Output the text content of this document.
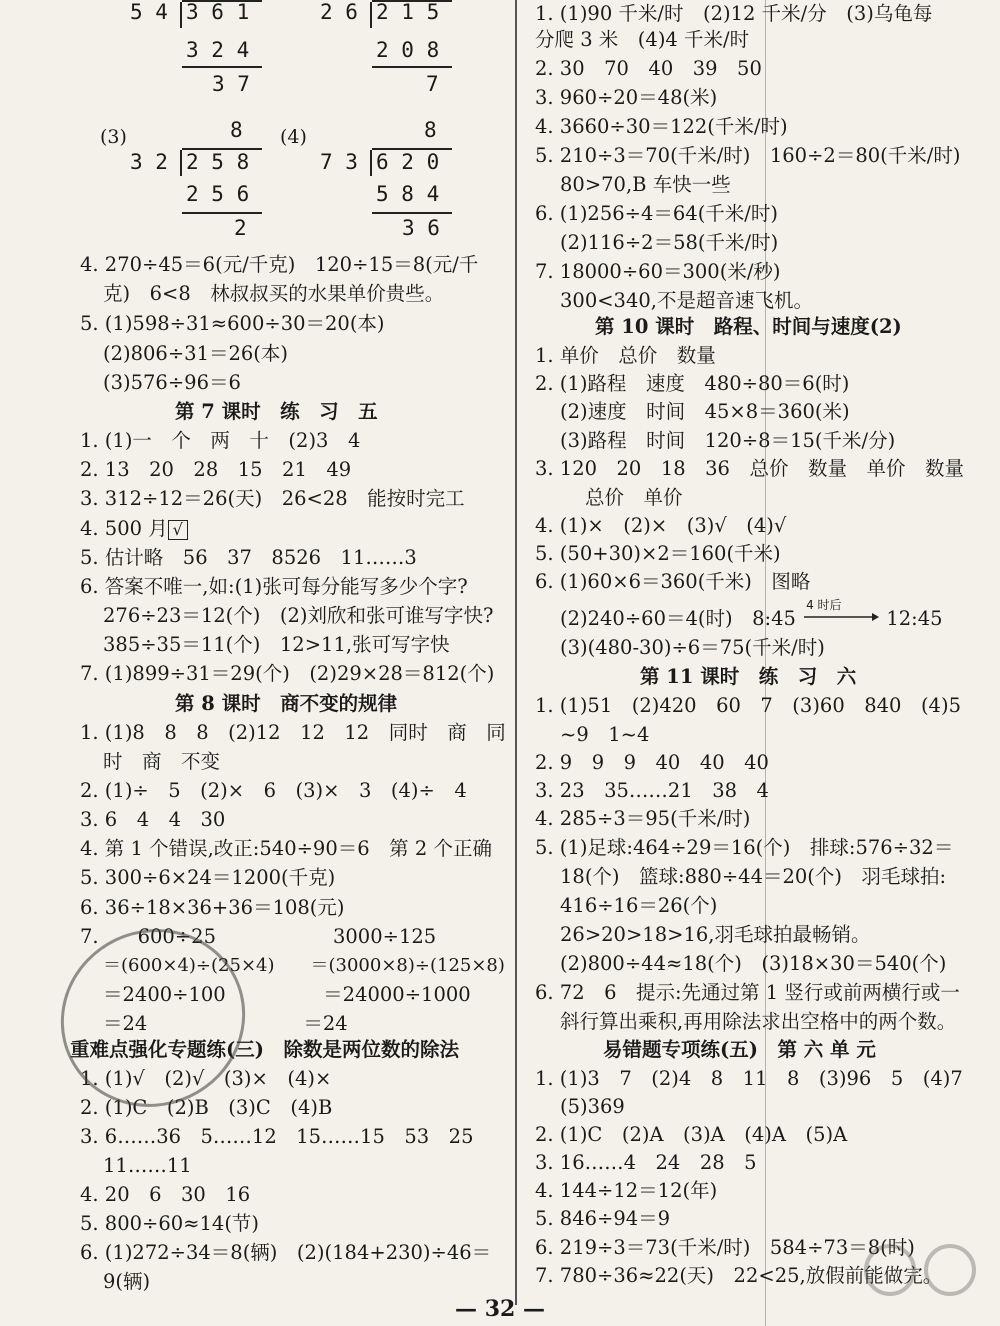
5 4 3 6 1
3 2 4
3 7
2 6 2 1 5
2 0 8
7
(3)	8
3 2 2 5 8
2 5 6
2
(4)	8
7 3 6 2 0
5 8 4
3 6
4. 270÷45＝6(元/千克)　120÷15＝8(元/千
克)　6<8　林叔叔买的水果单价贵些。
5. (1)598÷31≈600÷30＝20(本)
(2)806÷31＝26(本)
(3)576÷96＝6
第 7 课时　练　习　五
1. (1)一　个　两　十　(2)3　4
2. 13　20　28　15　21　49
3. 312÷12＝26(天)　26<28　能按时完工
4. 500 月 √
5. 估计略　56　37　8526　11……3
6. 答案不唯一,如:(1)张可每分能写多少个字?
276÷23＝12(个)　(2)刘欣和张可谁写字快?
385÷35＝11(个)　12>11,张可写字快
7. (1)899÷31＝29(个)　(2)29×28＝812(个)
第 8 课时　商不变的规律
1. (1)8　8　8　(2)12　12　12　同时　商　同
时　商　不变
2. (1)÷　5　(2)×　6　(3)×　3　(4)÷　4
3. 6　4　4　30
4. 第 1 个错误,改正:540÷90＝6　第 2 个正确
5. 300÷6×24＝1200(千克)
6. 36÷18×36+36＝108(元)
7.　　600÷25　　　　　　3000÷125
＝(600×4)÷(25×4)　　＝(3000×8)÷(125×8)
＝2400÷100　　　　　＝24000÷1000
＝24　　　　　　　　＝24
重难点强化专题练(三)　除数是两位数的除法
1. (1)√　(2)√　(3)×　(4)×
2. (1)C　(2)B　(3)C　(4)B
3. 6……36　5……12　15……15　53　25
11……11
4. 20　6　30　16
5. 800÷60≈14(节)
6. (1)272÷34＝8(辆)　(2)(184+230)÷46＝
9(辆)
1. (1)90 千米/时　(2)12 千米/分　(3)乌龟每
分爬 3 米　(4)4 千米/时
2. 30　70　40　39　50
3. 960÷20＝48(米)
4. 3660÷30＝122(千米/时)
5. 210÷3＝70(千米/时)　160÷2＝80(千米/时)
80>70,B 车快一些
6. (1)256÷4＝64(千米/时)
(2)116÷2＝58(千米/时)
7. 18000÷60＝300(米/秒)
300<340,不是超音速飞机。
第 10 课时　路程、时间与速度(2)
1. 单价　总价　数量
2. (1)路程　速度　480÷80＝6(时)
(2)速度　时间　45×8＝360(米)
(3)路程　时间　120÷8＝15(千米/分)
3. 120　20　18　36　总价　数量　单价　数量
总价　单价
4. (1)×　(2)×　(3)√　(4)√
5. (50+30)×2＝160(千米)
6. (1)60×6＝360(千米)　图略
(2)240÷60＝4(时)　8:45
4 时后
12:45
(3)(480-30)÷6＝75(千米/时)
第 11 课时　练　习　六
1. (1)51　(2)420　60　7　(3)60　840　(4)5
~9　1~4
2. 9　9　9　40　40　40
3. 23　35……21　38　4
4. 285÷3＝95(千米/时)
5. (1)足球:464÷29＝16(个)　排球:576÷32＝
18(个)　篮球:880÷44＝20(个)　羽毛球拍:
416÷16＝26(个)
26>20>18>16,羽毛球拍最畅销。
(2)800÷44≈18(个)　(3)18×30＝540(个)
6. 72　6　提示:先通过第 1 竖行或前两横行或一
斜行算出乘积,再用除法求出空格中的两个数。
易错题专项练(五)　第 六 单 元
1. (1)3　7　(2)4　8　11　8　(3)96　5　(4)7
(5)369
2. (1)C　(2)A　(3)A　(4)A　(5)A
3. 16……4　24　28　5
4. 144÷12＝12(年)
5. 846÷94＝9
6. 219÷3＝73(千米/时)　584÷73＝8(时)
7. 780÷36≈22(天)　22<25,放假前能做完。
— 32 —
